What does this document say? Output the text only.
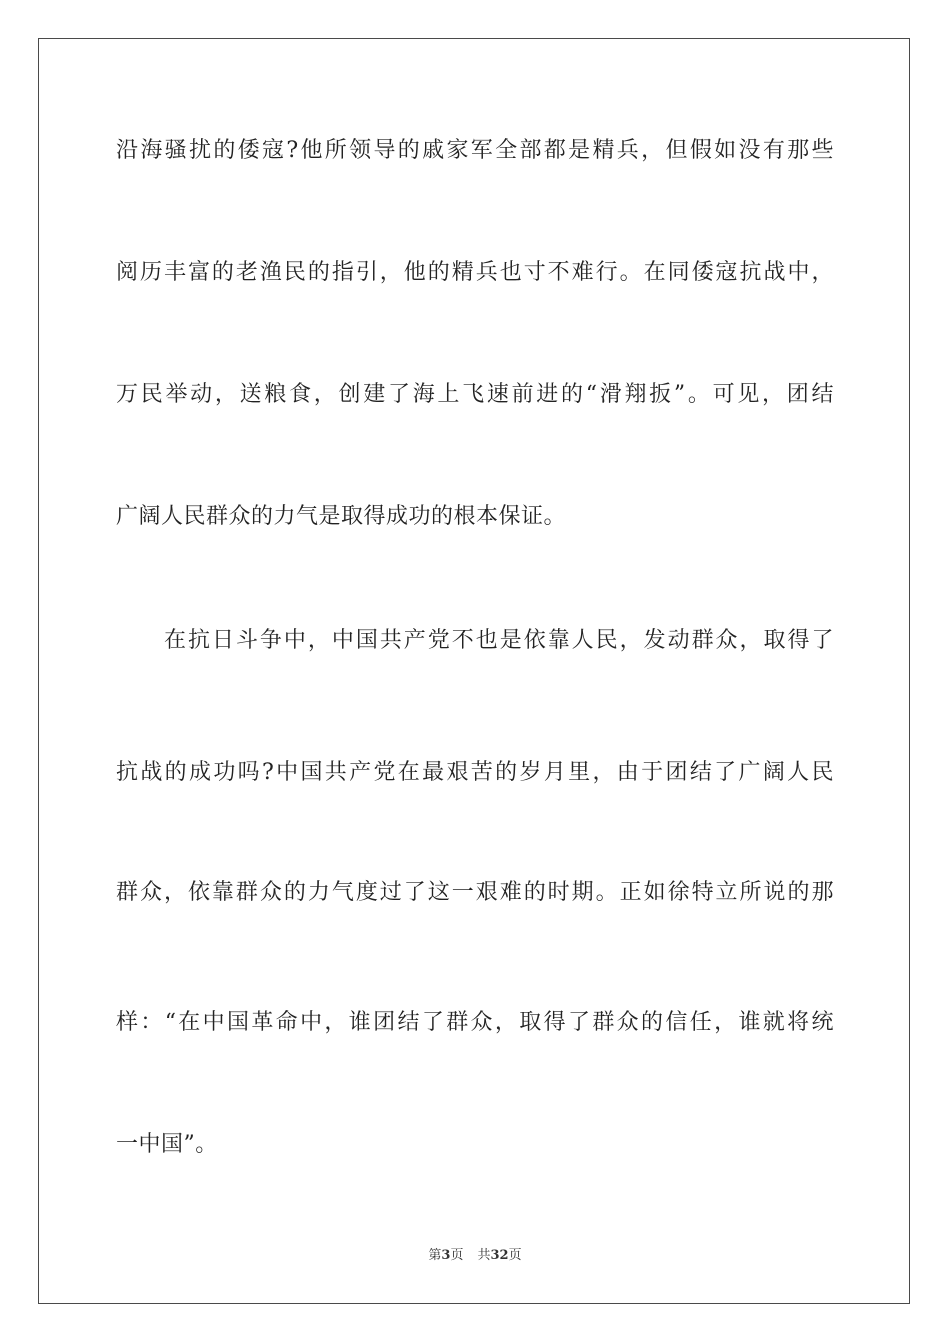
沿海骚扰的倭寇?他所领导的戚家军全部都是精兵，但假如没有那些
阅历丰富的老渔民的指引，他的精兵也寸不难行。在同倭寇抗战中，
万民举动，送粮食，创建了海上飞速前进的“滑翔扳”。可见，团结
广阔人民群众的力气是取得成功的根本保证。
在抗日斗争中，中国共产党不也是依靠人民，发动群众，取得了
抗战的成功吗?中国共产党在最艰苦的岁月里，由于团结了广阔人民
群众，依靠群众的力气度过了这一艰难的时期。正如徐特立所说的那
样：“在中国革命中，谁团结了群众，取得了群众的信任，谁就将统
一中国”。
第3页 共32页
